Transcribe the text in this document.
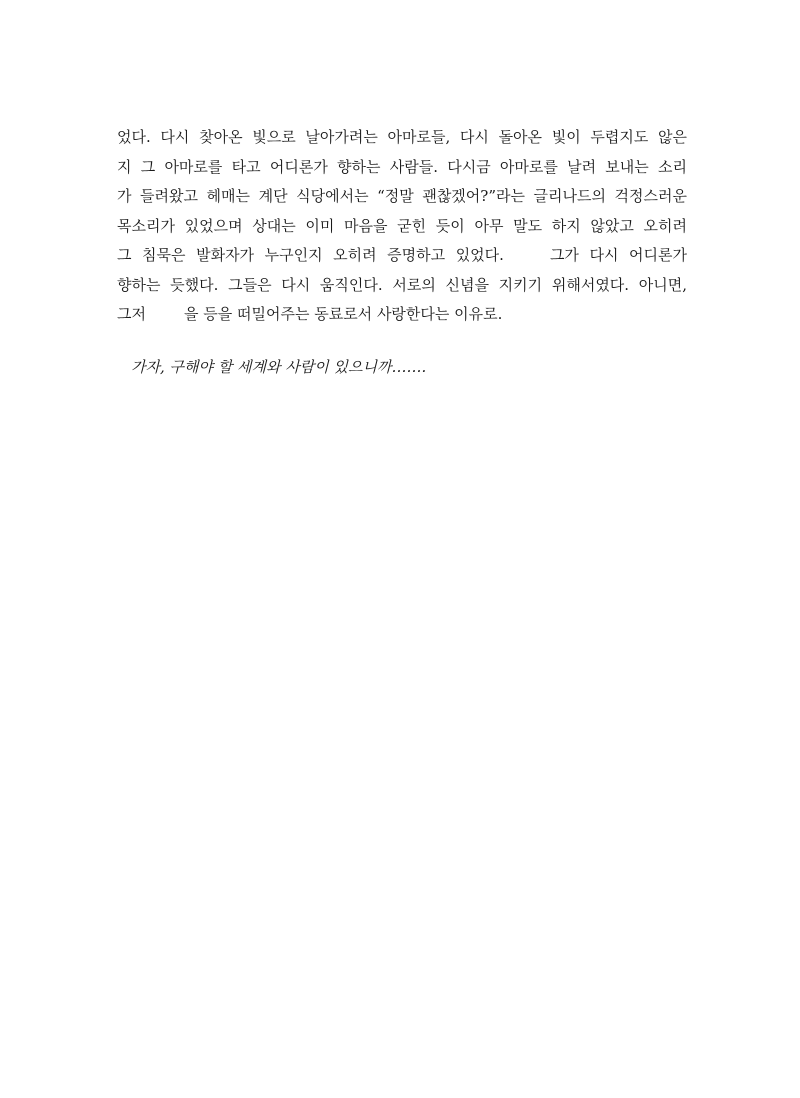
었다. 다시 찾아온 빛으로 날아가려는 아마로들, 다시 돌아온 빛이 두렵지도 않은
지 그 아마로를 타고 어디론가 향하는 사람들. 다시금 아마로를 날려 보내는 소리
가 들려왔고 헤매는 계단 식당에서는 “정말 괜찮겠어?”라는 글리나드의 걱정스러운
목소리가 있었으며 상대는 이미 마음을 굳힌 듯이 아무 말도 하지 않았고 오히려
그 침묵은 발화자가 누구인지 오히려 증명하고 있었다.	그가 다시 어디론가
향하는 듯했다. 그들은 다시 움직인다. 서로의 신념을 지키기 위해서였다. 아니면,
그저	을 등을 떠밀어주는 동료로서 사랑한다는 이유로.
가자, 구해야 할 세계와 사람이 있으니까…….
